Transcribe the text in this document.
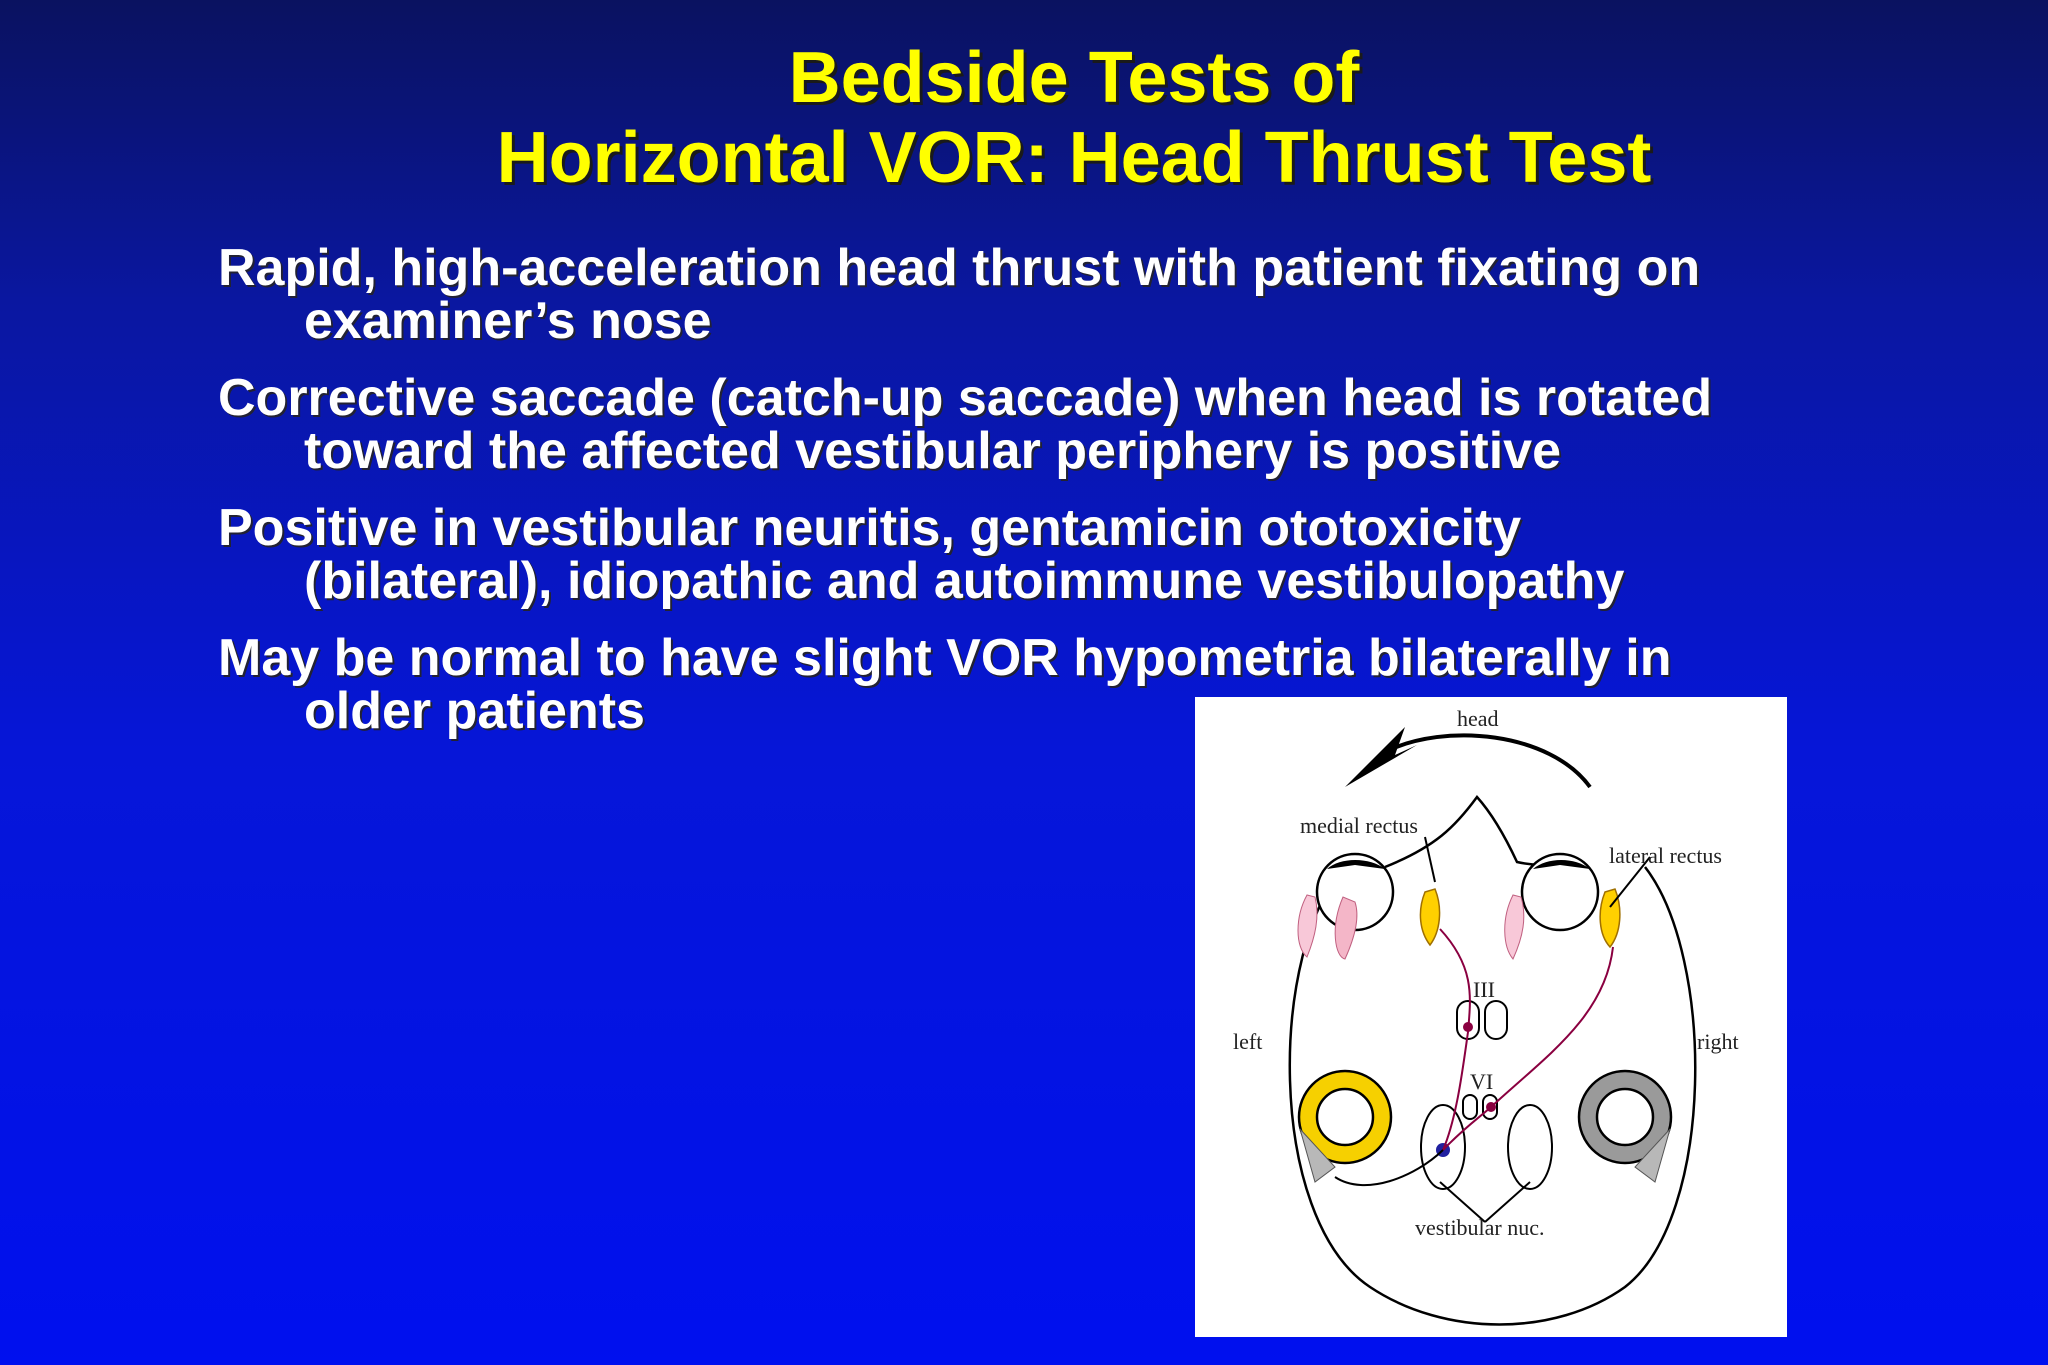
Bedside Tests of
Horizontal VOR: Head Thrust Test
Rapid, high-acceleration head thrust with patient fixating on
examiner’s nose
Corrective saccade (catch-up saccade) when head is rotated
toward the affected vestibular periphery is positive
Positive in vestibular neuritis, gentamicin ototoxicity
(bilateral), idiopathic and autoimmune vestibulopathy
May be normal to have slight VOR hypometria bilaterally in
older patients	head
medial rectus
lateral rectus
III
VI
left	right
vestibular nuc.
